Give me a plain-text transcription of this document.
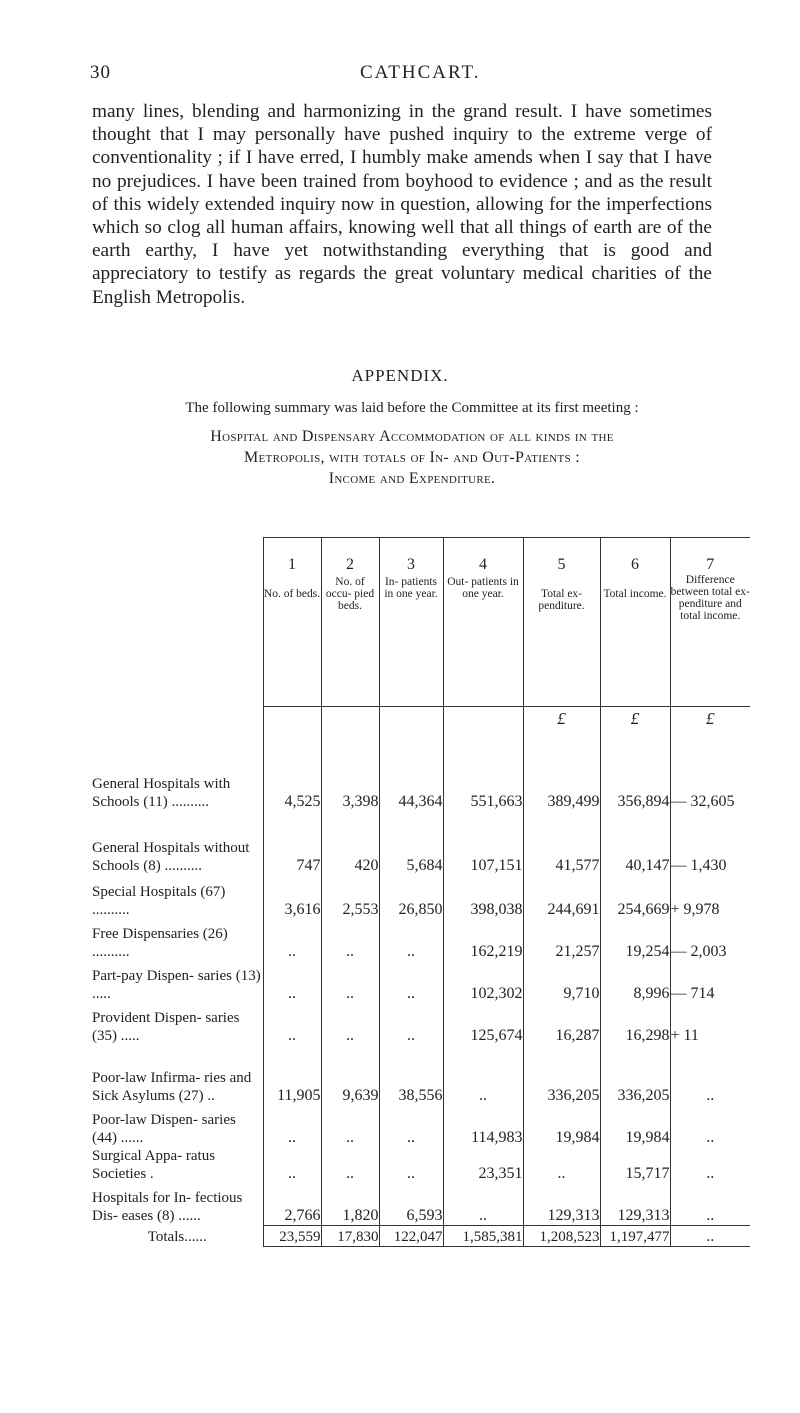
30	CATHCART.
many lines, blending and harmonizing in the grand result. I have sometimes thought that I may personally have pushed inquiry to the extreme verge of conventionality ; if I have erred, I humbly make amends when I say that I have no prejudices. I have been trained from boyhood to evidence ; and as the result of this widely extended inquiry now in question, allowing for the imperfections which so clog all human affairs, knowing well that all things of earth are of the earth earthy, I have yet notwithstanding everything that is good and appreciatory to testify as regards the great voluntary medical charities of the English Metropolis.
APPENDIX.
The following summary was laid before the Committee at its first meeting :
Hospital and Dispensary Accommodation of all kinds in the
Metropolis, with totals of In- and Out-Patients :
Income and Expenditure.
	1	2	3	4	5	6	7
	No. of beds.	No. of occu- pied beds.	In- patients in one year.	Out- patients in one year.	Total ex- penditure.	Total income.	Difference between total ex- penditure and total income.
					£	£	£
General Hospitals with Schools (11) ..........	4,525	3,398	44,364	551,663	389,499	356,894	— 32,605
General Hospitals without Schools (8) ..........	747	420	5,684	107,151	41,577	40,147	— 1,430
Special Hospitals (67) ..........	3,616	2,553	26,850	398,038	244,691	254,669	+ 9,978
Free Dispensaries (26) ..........	..	..	..	162,219	21,257	19,254	— 2,003
Part-pay Dispen- saries (13) .....	..	..	..	102,302	9,710	8,996	— 714
Provident Dispen- saries (35) .....	..	..	..	125,674	16,287	16,298	+ 11
Poor-law Infirma- ries and Sick Asylums (27) ..	11,905	9,639	38,556	..	336,205	336,205	..
Poor-law Dispen- saries (44) ......	..	..	..	114,983	19,984	19,984	..
Surgical Appa- ratus Societies .	..	..	..	23,351	..	15,717	..
Hospitals for In- fectious Dis- eases (8) ......	2,766	1,820	6,593	..	129,313	129,313	..
Totals......	23,559	17,830	122,047	1,585,381	1,208,523	1,197,477	..
